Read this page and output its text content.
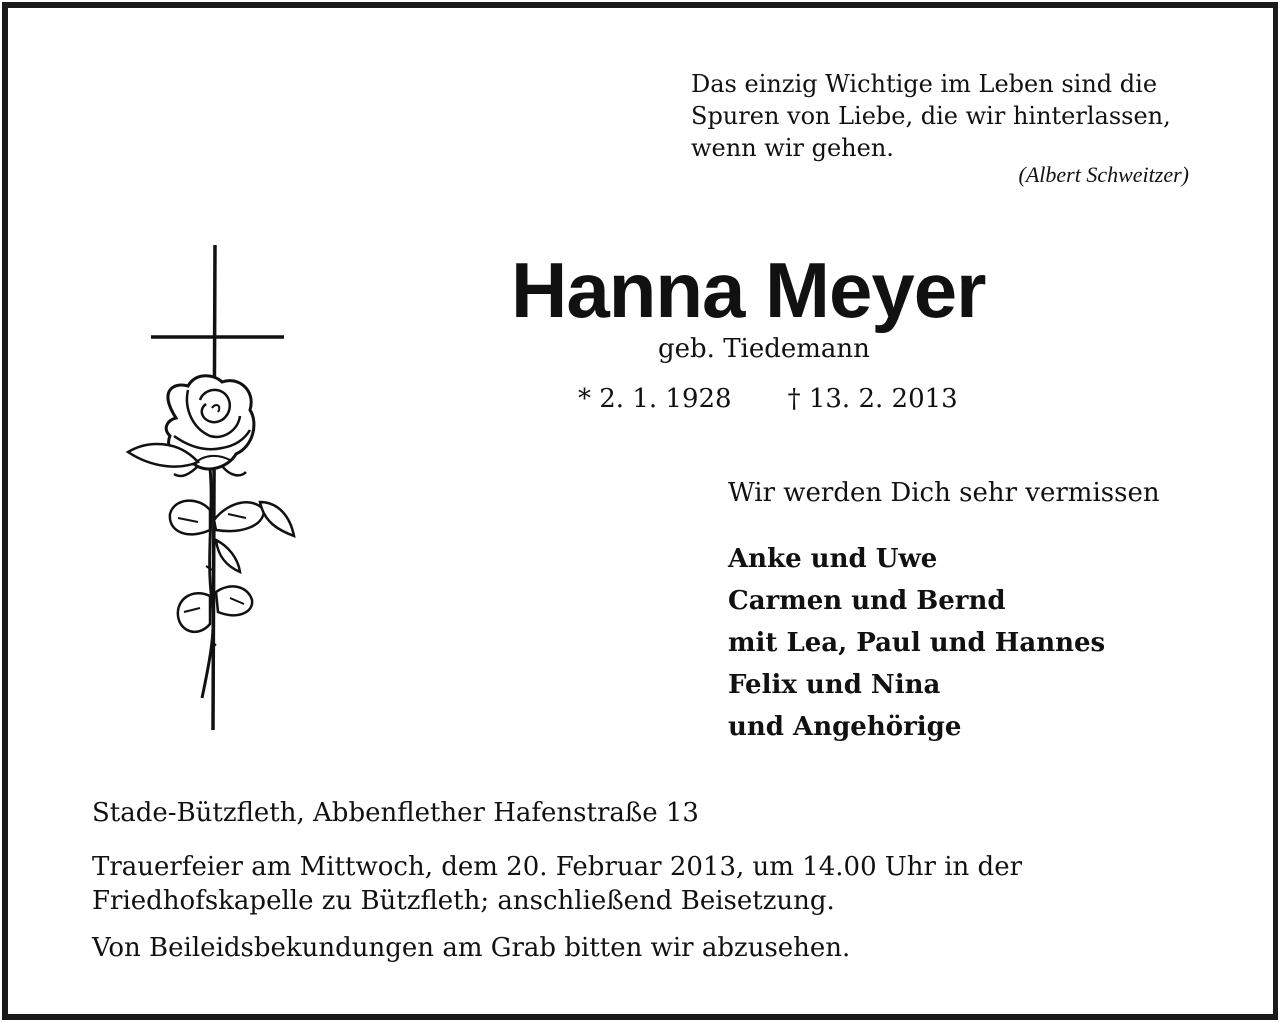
Das einzig Wichtige im Leben sind die
Spuren von Liebe, die wir hinterlassen,
wenn wir gehen.
(Albert Schweitzer)
Hanna Meyer
geb. Tiedemann
* 2. 1. 1928 † 13. 2. 2013
Wir werden Dich sehr vermissen
Anke und Uwe
Carmen und Bernd
mit Lea, Paul und Hannes
Felix und Nina
und Angehörige
Stade-Bützfleth, Abbenflether Hafenstraße 13
Trauerfeier am Mittwoch, dem 20. Februar 2013, um 14.00 Uhr in der
Friedhofskapelle zu Bützfleth; anschließend Beisetzung.
Von Beileidsbekundungen am Grab bitten wir abzusehen.
